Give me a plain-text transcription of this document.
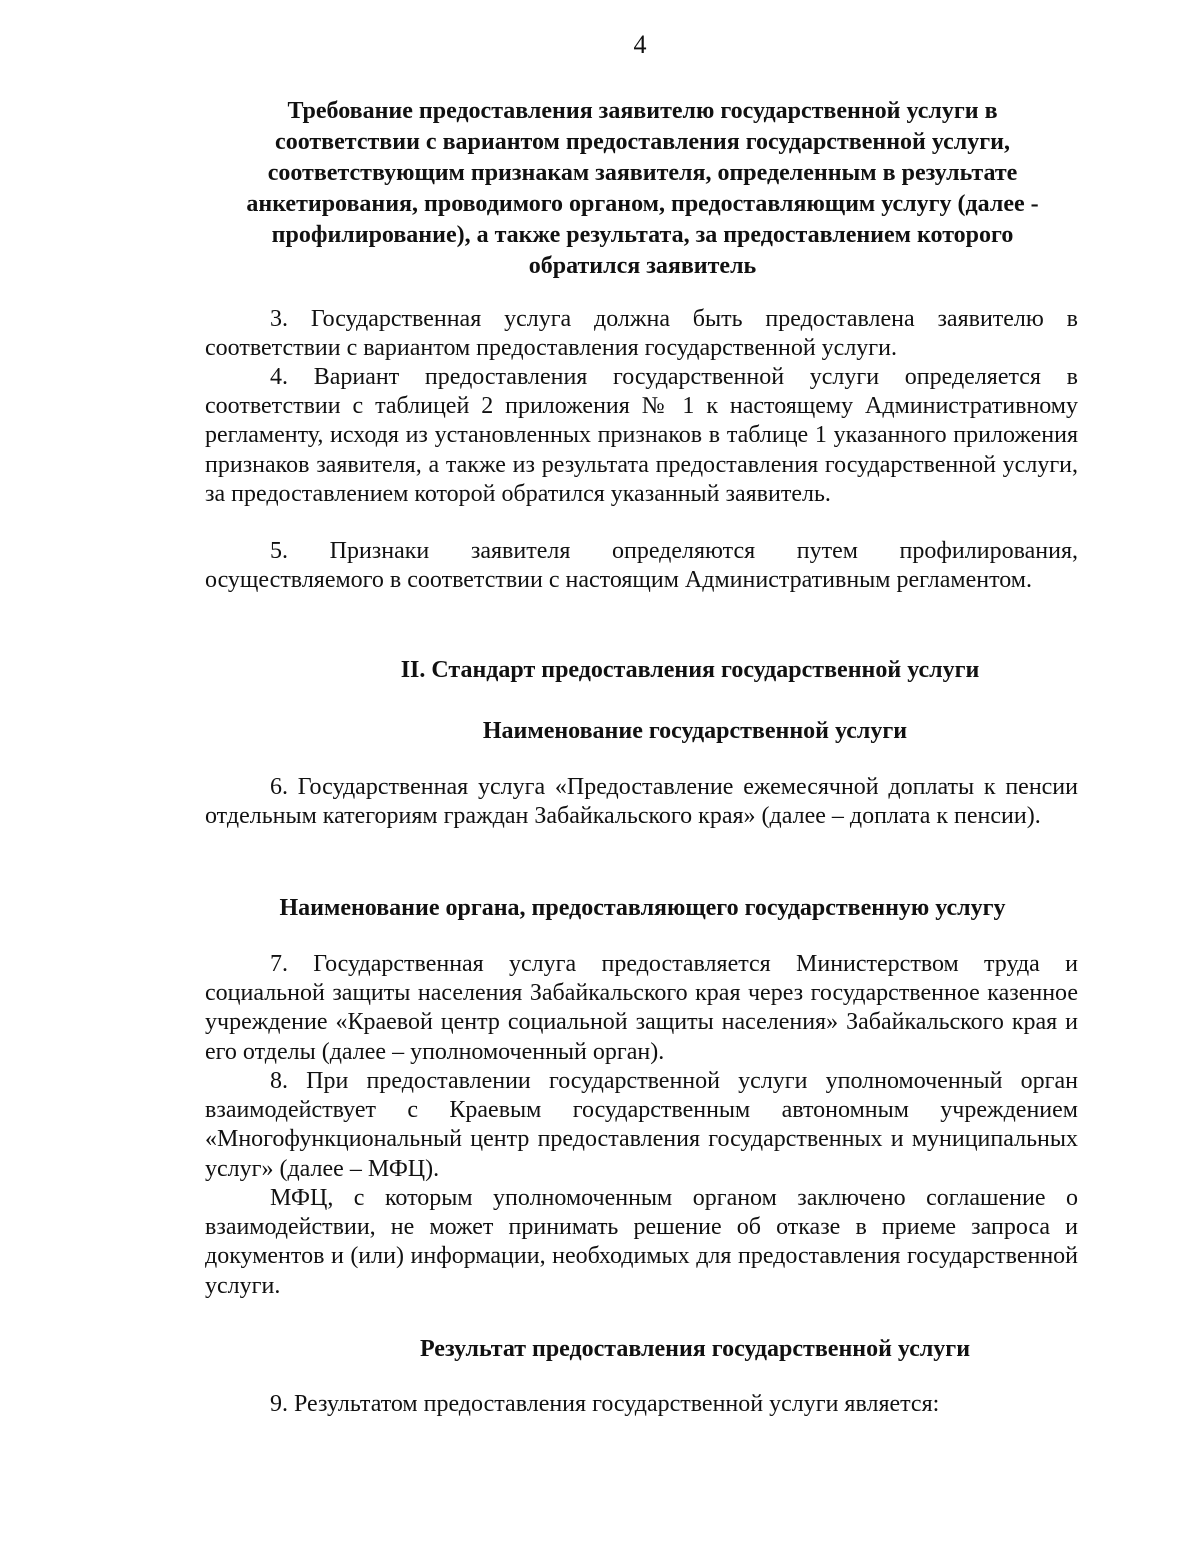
4
Требование предоставления заявителю государственной услуги в
соответствии с вариантом предоставления государственной услуги,
соответствующим признакам заявителя, определенным в результате
анкетирования, проводимого органом, предоставляющим услугу (далее -
профилирование), а также результата, за предоставлением которого
обратился заявитель

3. Государственная услуга должна быть предоставлена заявителю в соответствии с вариантом предоставления государственной услуги.

4. Вариант предоставления государственной услуги определяется в соответствии с таблицей 2 приложения № 1 к настоящему Административному регламенту, исходя из установленных признаков в таблице 1 указанного приложения признаков заявителя, а также из результата предоставления государственной услуги, за предоставлением которой обратился указанный заявитель.

5. Признаки заявителя определяются путем профилирования, осуществляемого в соответствии с настоящим Административным регламентом.

II. Стандарт предоставления государственной услуги
Наименование государственной услуги

6. Государственная услуга «Предоставление ежемесячной доплаты к пенсии отдельным категориям граждан Забайкальского края» (далее – доплата к пенсии).

Наименование органа, предоставляющего государственную услугу

7. Государственная услуга предоставляется Министерством труда и социальной защиты населения Забайкальского края через государственное казенное учреждение «Краевой центр социальной защиты населения» Забайкальского края и его отделы (далее – уполномоченный орган).

8. При предоставлении государственной услуги уполномоченный орган взаимодействует с Краевым государственным автономным учреждением «Многофункциональный центр предоставления государственных и муниципальных услуг» (далее – МФЦ).

МФЦ, с которым уполномоченным органом заключено соглашение о взаимодействии, не может принимать решение об отказе в приеме запроса и документов и (или) информации, необходимых для предоставления государственной услуги.

Результат предоставления государственной услуги

9. Результатом предоставления государственной услуги является:
